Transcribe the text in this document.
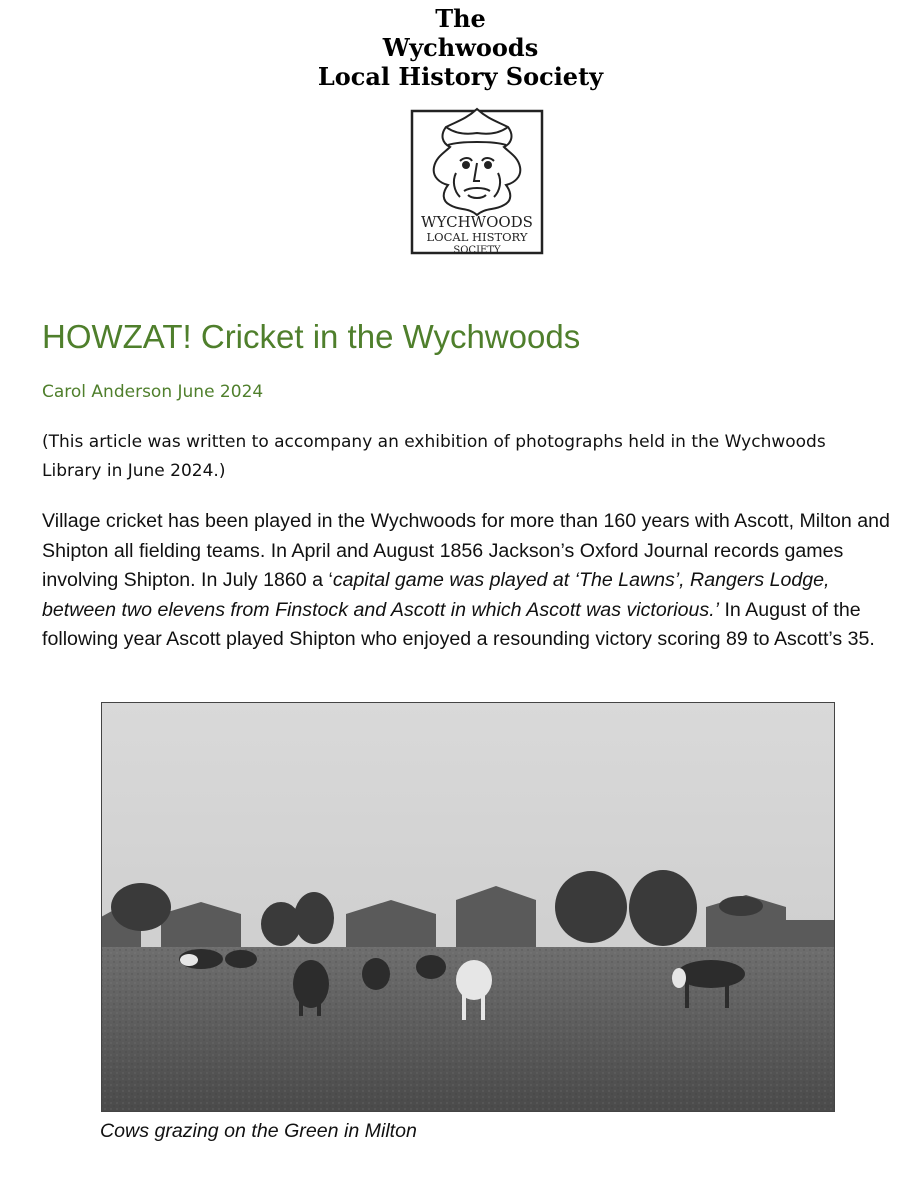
The
Wychwoods
Local History Society
WYCHWOODS
LOCAL HISTORY
SOCIETY
HOWZAT! Cricket in the Wychwoods
Carol Anderson June 2024
(This article was written to accompany an exhibition of photographs held in the Wychwoods Library in June 2024.)
Village cricket has been played in the Wychwoods for more than 160 years with Ascott, Milton and Shipton all fielding teams. In April and August 1856 Jackson’s Oxford Journal records games involving Shipton. In July 1860 a ‘capital game was played at ‘The Lawns’, Rangers Lodge, between two elevens from Finstock and Ascott in which Ascott was victorious.’ In August of the following year Ascott played Shipton who enjoyed a resounding victory scoring 89 to Ascott’s 35.
Cows grazing on the Green in Milton
